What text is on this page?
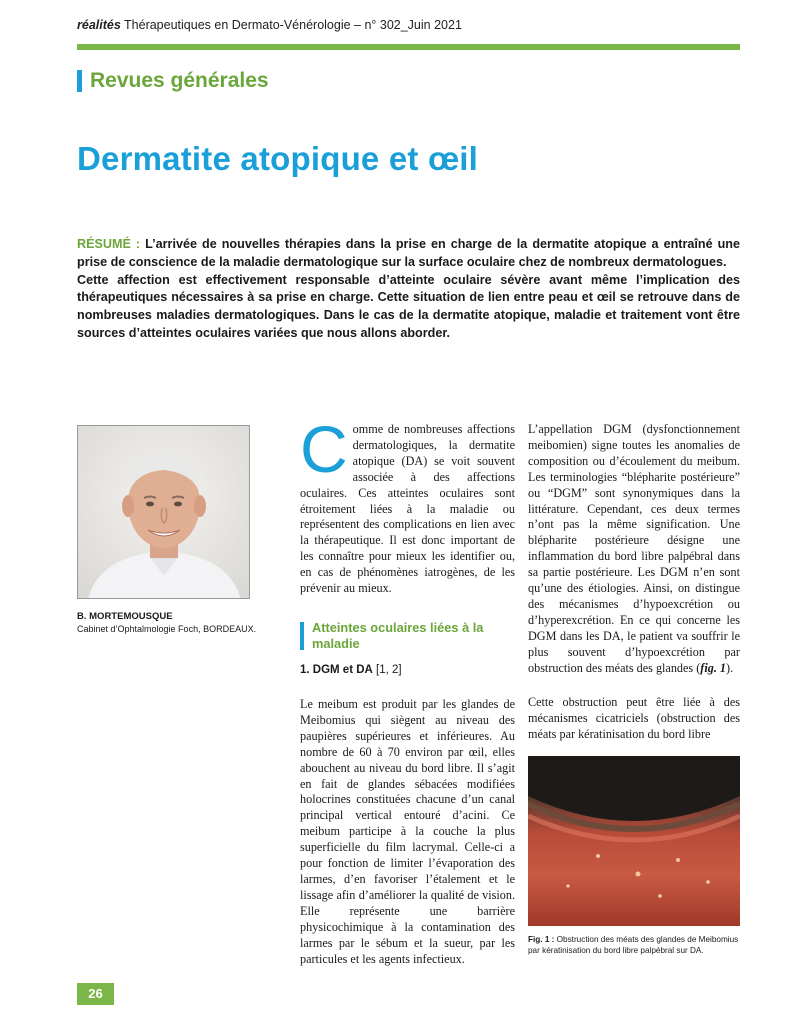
réalités Thérapeutiques en Dermato-Vénérologie – n° 302_Juin 2021
Revues générales
Dermatite atopique et œil

RÉSUMÉ : L’arrivée de nouvelles thérapies dans la prise en charge de la dermatite atopique a entraîné une prise de conscience de la maladie dermatologique sur la surface oculaire chez de nombreux dermatologues.

Cette affection est effectivement responsable d’atteinte oculaire sévère avant même l’implication des thérapeutiques nécessaires à sa prise en charge. Cette situation de lien entre peau et œil se retrouve dans de nombreuses maladies dermatologiques. Dans le cas de la dermatite atopique, maladie et traitement vont être sources d’atteintes oculaires variées que nous allons aborder.

B. MORTEMOUSQUE
Cabinet d’Ophtalmologie Foch, BORDEAUX.

Comme de nombreuses affections dermatologiques, la dermatite atopique (DA) se voit souvent associée à des affections oculaires. Ces atteintes oculaires sont étroitement liées à la maladie ou représentent des complications en lien avec la thérapeutique. Il est donc important de les connaître pour mieux les identifier ou, en cas de phénomènes iatrogènes, de les prévenir au mieux.

Atteintes oculaires liées à la maladie
1. DGM et DA [1, 2]

Le meibum est produit par les glandes de Meibomius qui siègent au niveau des paupières supérieures et inférieures. Au nombre de 60 à 70 environ par œil, elles abouchent au niveau du bord libre. Il s’agit en fait de glandes sébacées modifiées holocrines constituées chacune d’un canal principal vertical entouré d’acini. Ce meibum participe à la couche la plus superficielle du film lacrymal. Celle-ci a pour fonction de limiter l’évaporation des larmes, d’en favoriser l’étalement et le lissage afin d’améliorer la qualité de vision. Elle représente une barrière physicochimique à la contamination des larmes par le sébum et la sueur, par les particules et les agents infectieux.

L’appellation DGM (dysfonctionnement meibomien) signe toutes les anomalies de composition ou d’écoulement du meibum. Les terminologies “blépharite postérieure” ou “DGM” sont synonymiques dans la littérature. Cependant, ces deux termes n’ont pas la même signification. Une blépharite postérieure désigne une inflammation du bord libre palpébral dans sa partie postérieure. Les DGM n’en sont qu’une des étiologies. Ainsi, on distingue des mécanismes d’hypoexcrétion ou d’hyperexcrétion. En ce qui concerne les DGM dans les DA, le patient va souffrir le plus souvent d’hypoexcrétion par obstruction des méats des glandes (fig. 1).

Cette obstruction peut être liée à des mécanismes cicatriciels (obstruction des méats par kératinisation du bord libre

Fig. 1 : Obstruction des méats des glandes de Meibomius par kératinisation du bord libre palpébral sur DA.
26
